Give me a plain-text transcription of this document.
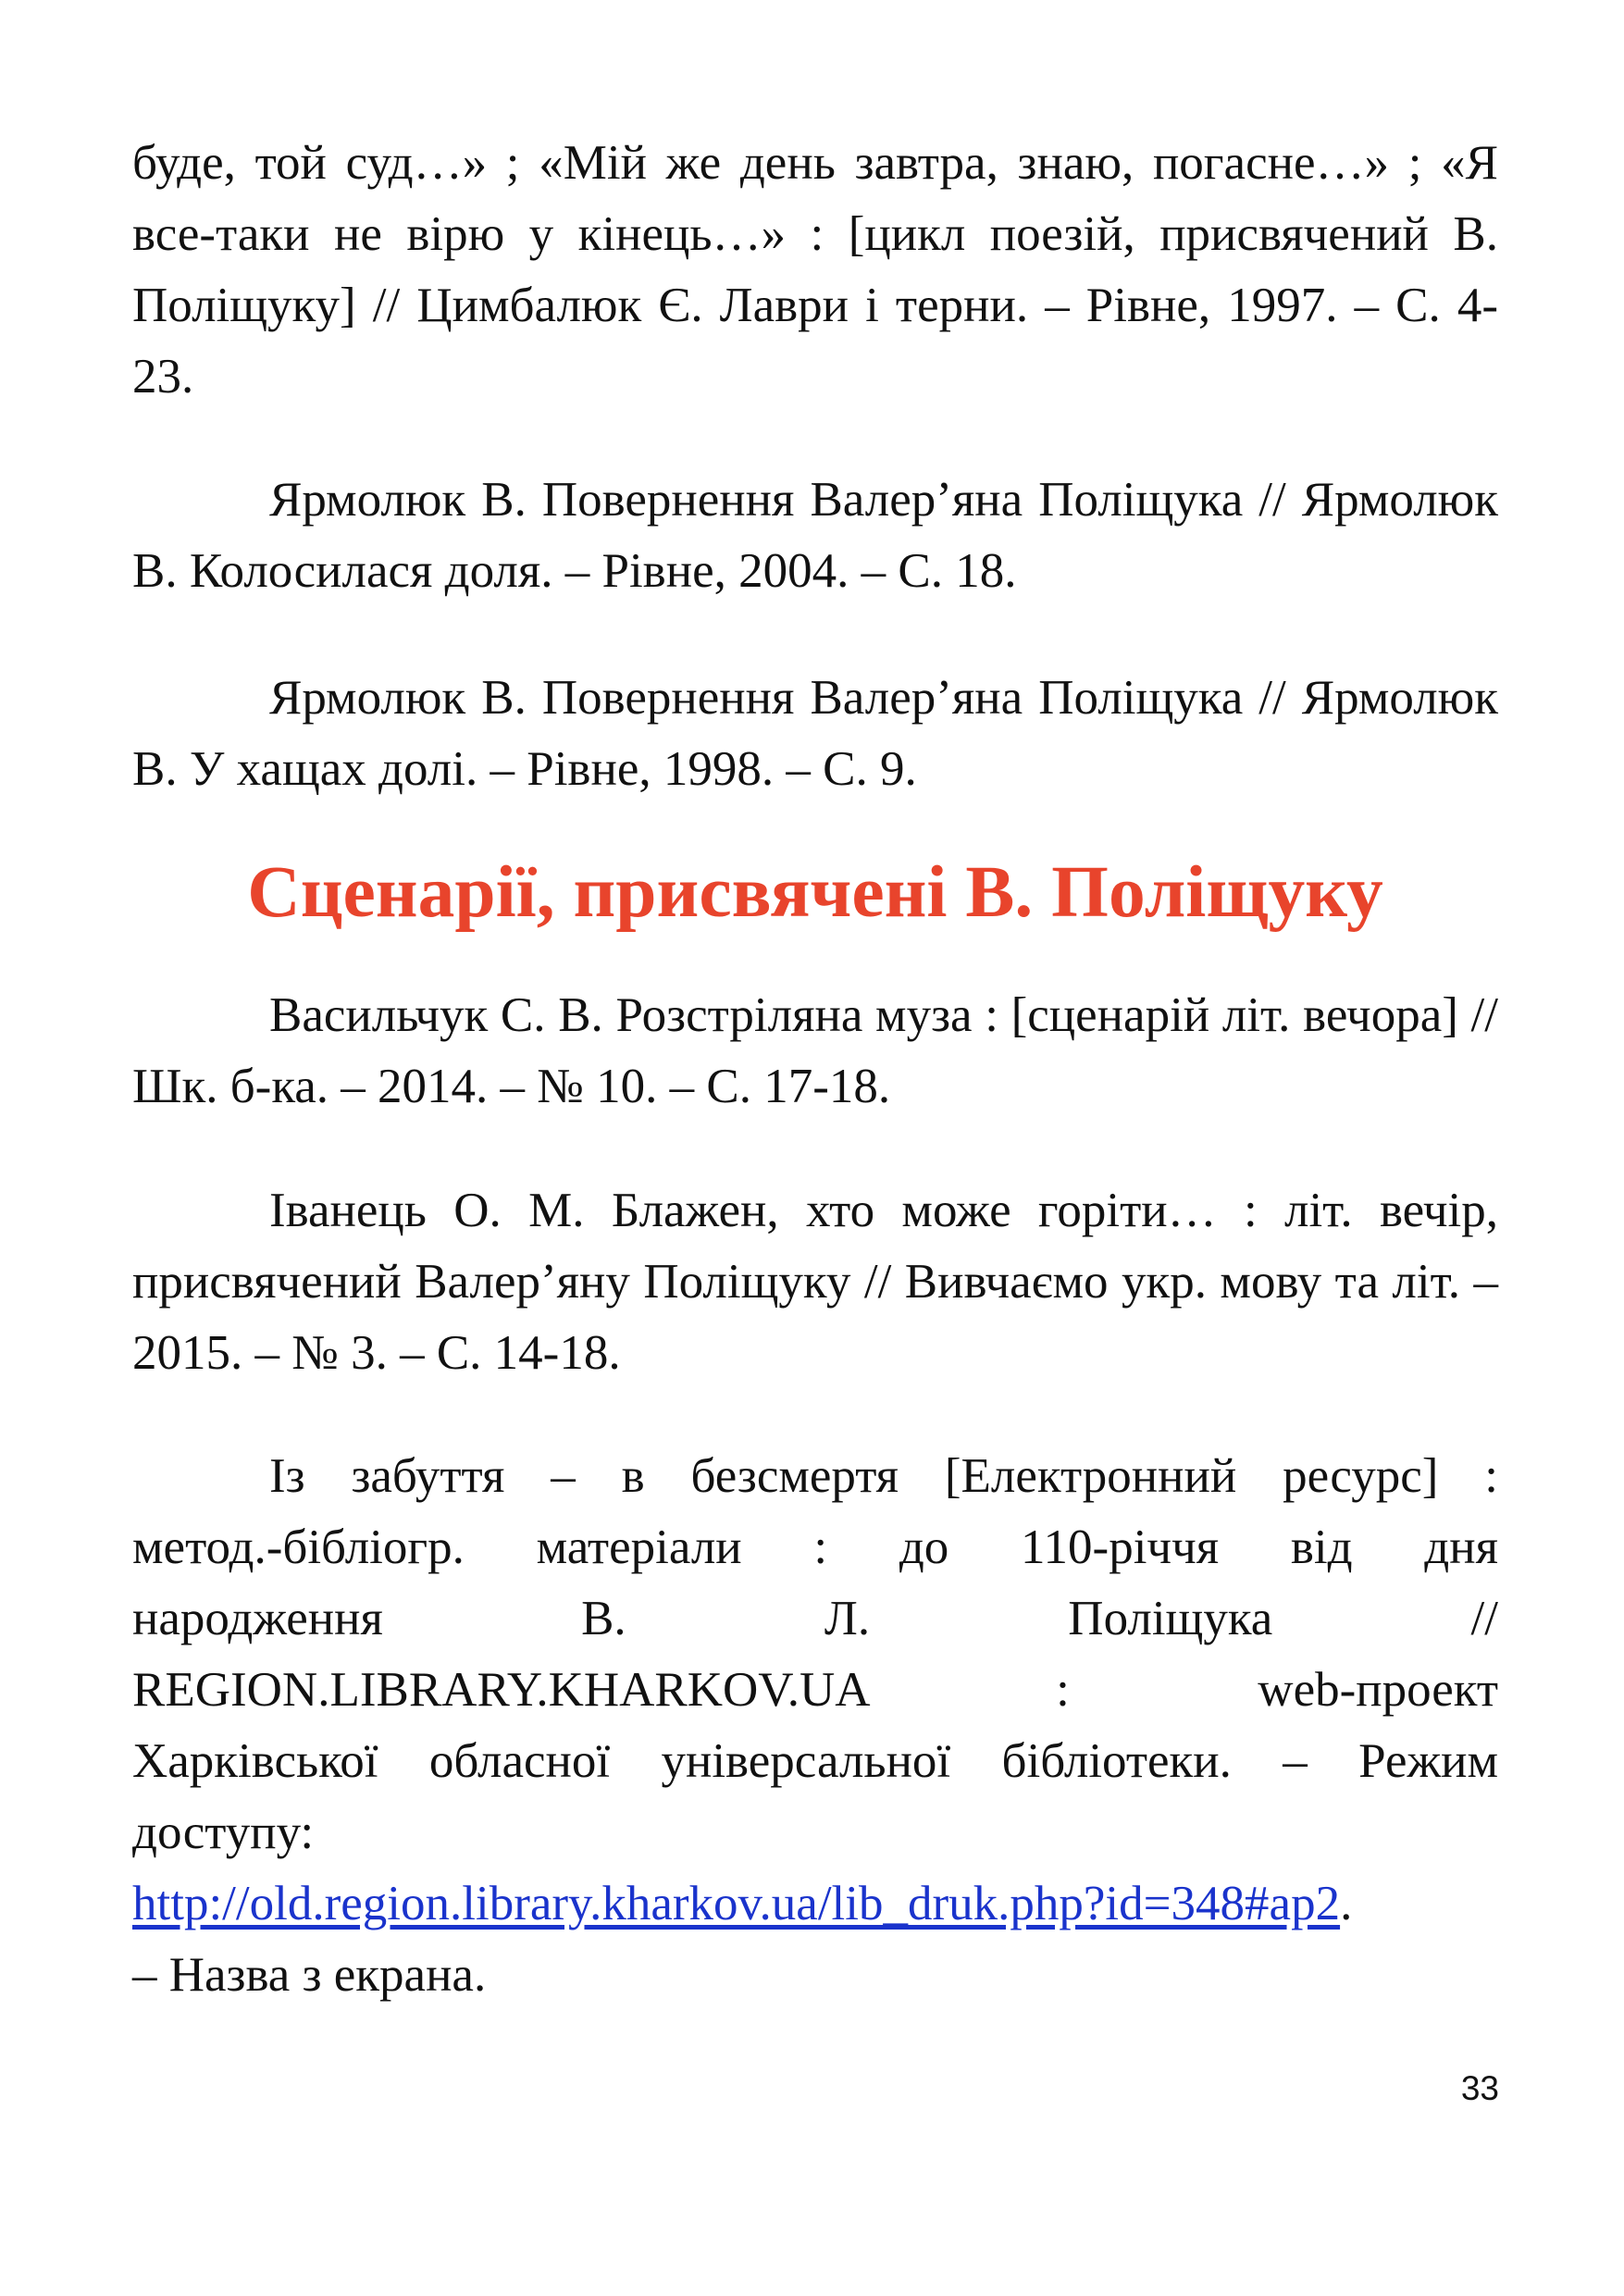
буде, той суд…» ; «Мій же день завтра, знаю, погасне…» ; «Я все-таки не вірю у кінець…» : [цикл поезій, присвячений В. Поліщуку] // Цимбалюк Є. Лаври і терни. – Рівне, 1997. – С. 4-23.

Ярмолюк В. Повернення Валер’яна Поліщука // Ярмолюк В. Колосилася доля. – Рівне, 2004. – С. 18.

Ярмолюк В. Повернення Валер’яна Поліщука // Ярмолюк В. У хащах долі. – Рівне, 1998. – С. 9.

Сценарії, присвячені В. Поліщуку

Васильчук С. В. Розстріляна муза : [сценарій літ. вечора] // Шк. б-ка. – 2014. – № 10. – С. 17-18.

Іванець О. М. Блажен, хто може горіти… : літ. вечір, присвячений Валер’яну Поліщуку // Вивчаємо укр. мову та літ. – 2015. – № 3. – С. 14-18.

Із забуття – в безсмертя [Електронний ресурс] :
метод.-бібліогр. матеріали : до 110-річчя від дня
народження В. Л. Поліщука //
REGION.LIBRARY.KHARKOV.UA : web-проект
Харківської обласної універсальної бібліотеки. – Режим
доступу:
http://old.region.library.kharkov.ua/lib_druk.php?id=348#ap2.
– Назва з екрана.
33
